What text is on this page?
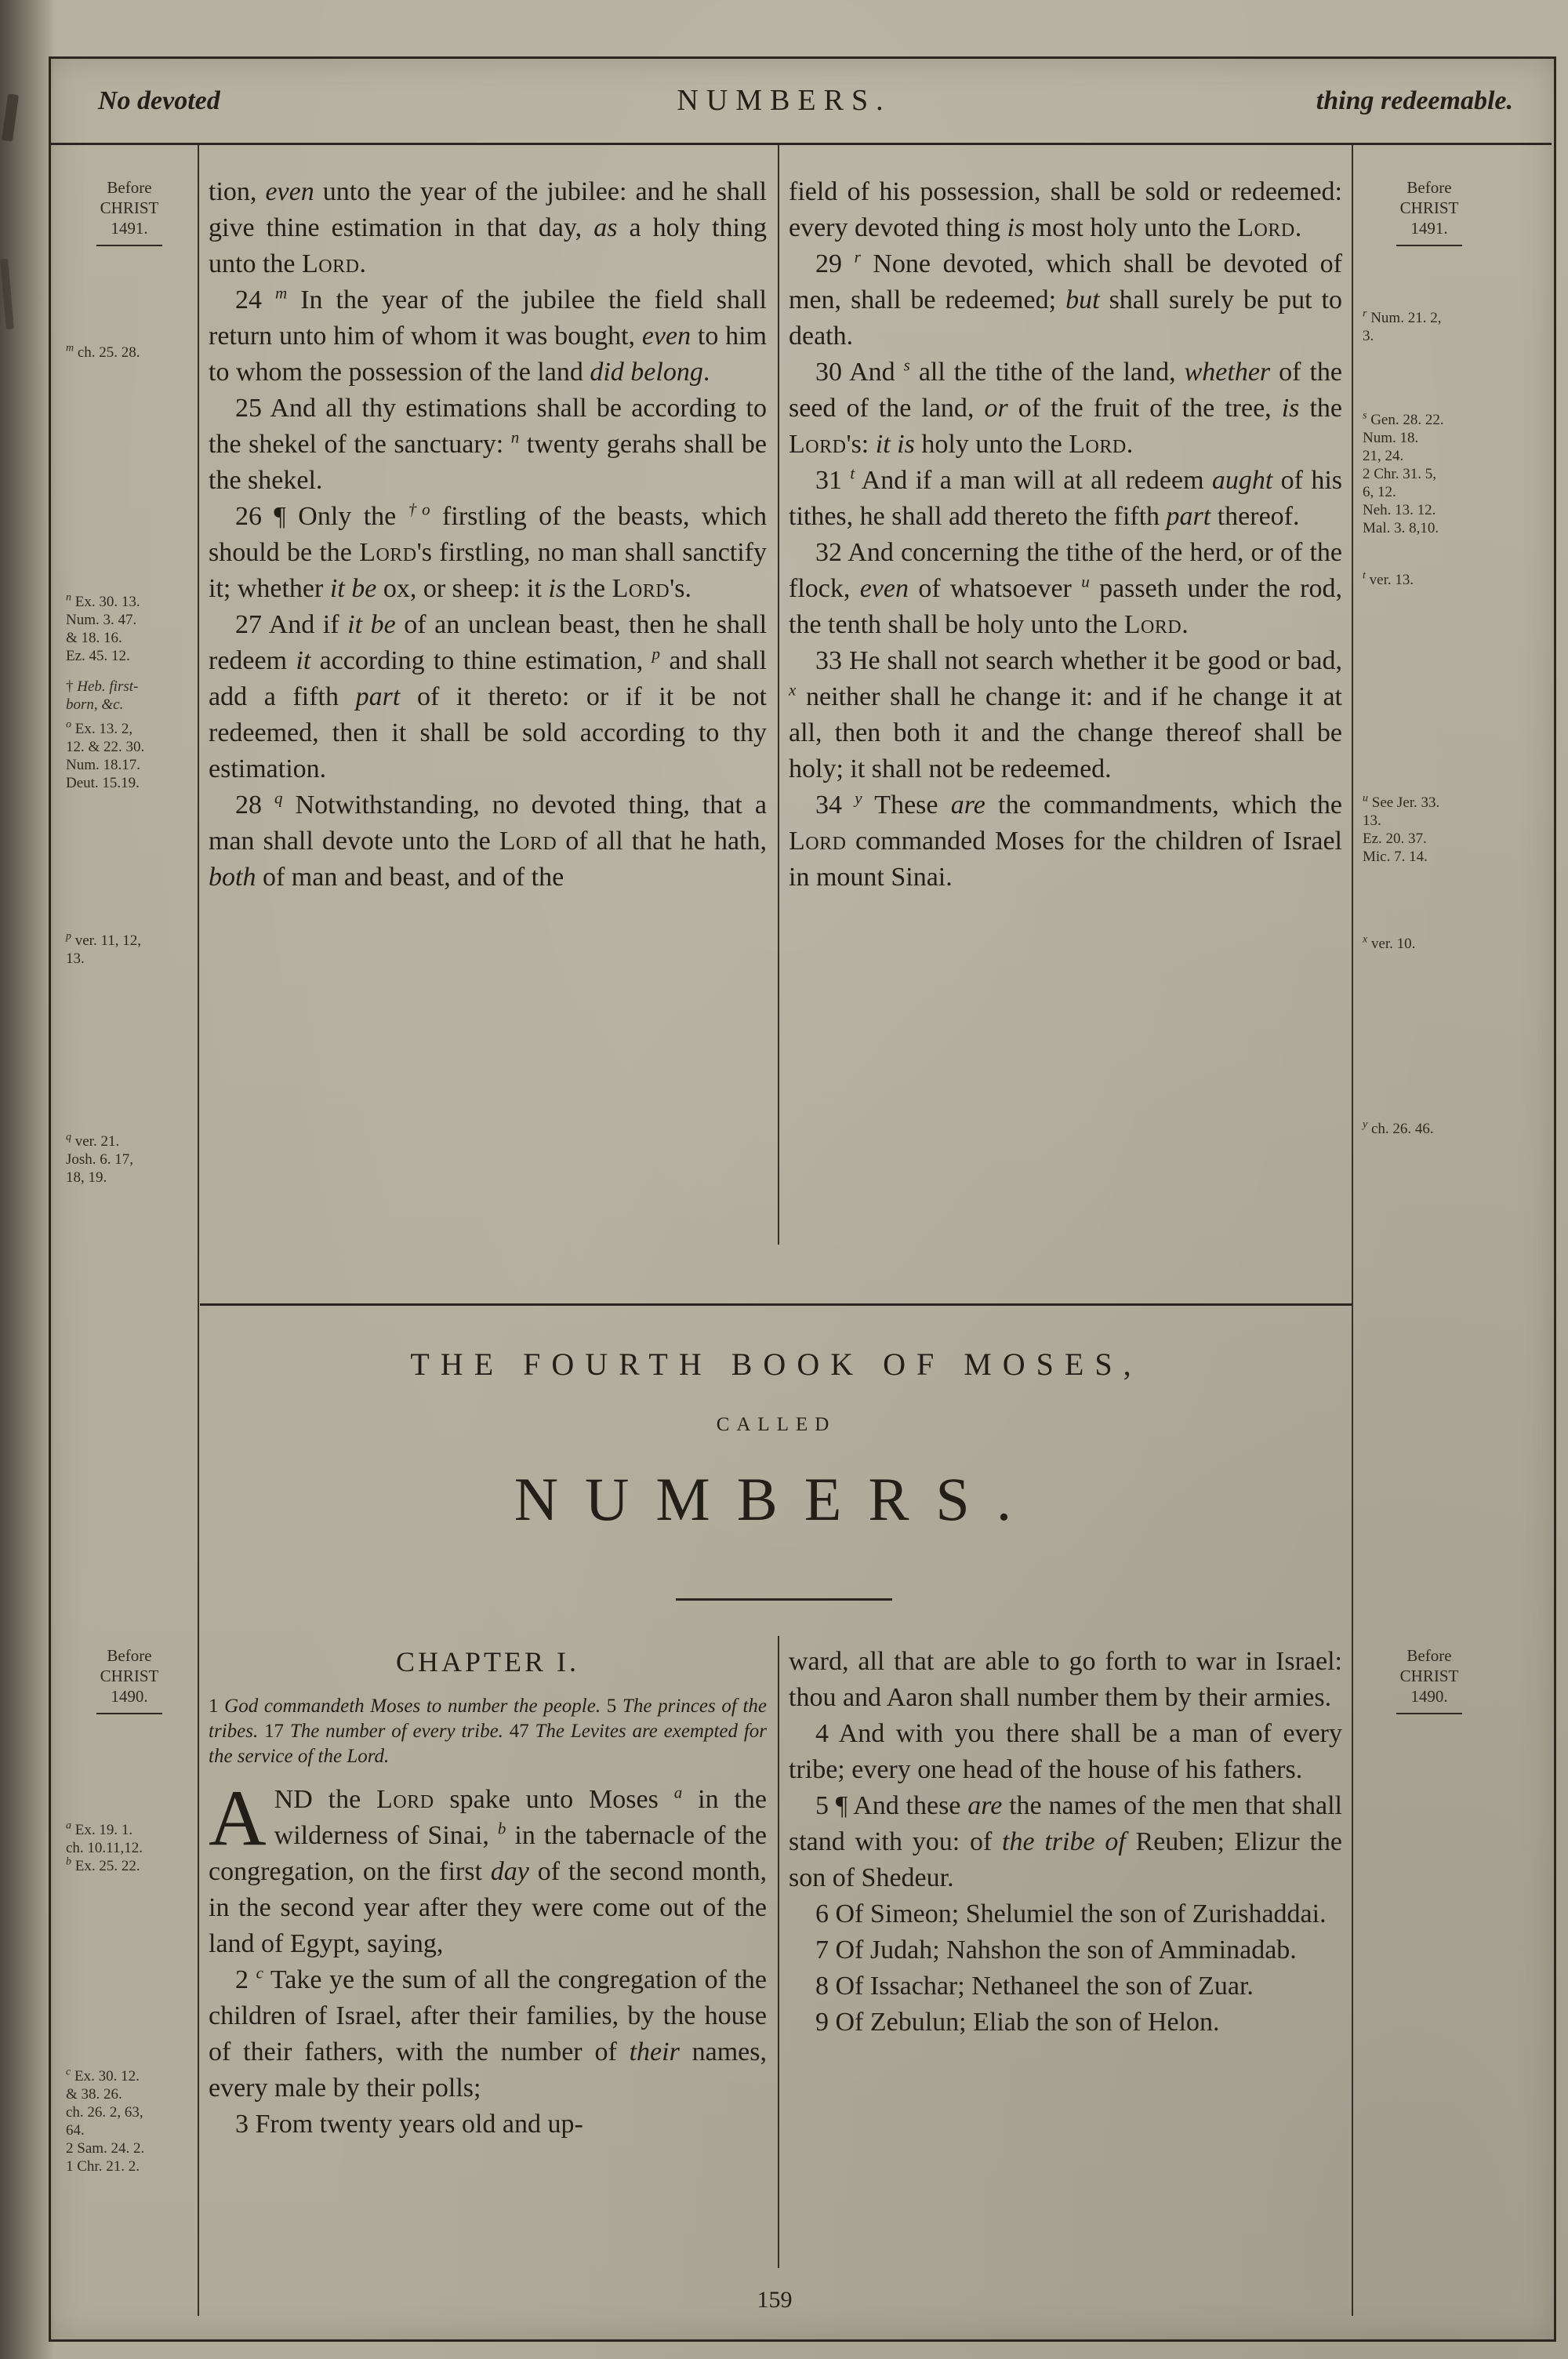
No devoted	NUMBERS.	thing redeemable.
Before
CHRIST
1491.
$^m$ ch. 25. 28.
$^n$ Ex. 30. 13.
Num. 3. 47.
& 18. 16.
Ez. 45. 12.
† Heb. first-
born, &c.
$^o$ Ex. 13. 2,
12. & 22. 30.
Num. 18.17.
Deut. 15.19.
$^p$ ver. 11, 12,
13.
$^q$ ver. 21.
Josh. 6. 17,
18, 19.
Before
CHRIST
1491.
$^r$ Num. 21. 2,
3.
$^s$ Gen. 28. 22.
Num. 18.
21, 24.
2 Chr. 31. 5,
6, 12.
Neh. 13. 12.
Mal. 3. 8,10.
$^t$ ver. 13.
$^u$ See Jer. 33.
13.
Ez. 20. 37.
Mic. 7. 14.
$^x$ ver. 10.
$^y$ ch. 26. 46.

tion, even unto the year of the jubilee: and he shall give thine estimation in that day, as a holy thing unto the Lord.

24 $^m$ In the year of the jubilee the field shall return unto him of whom it was bought, even to him to whom the possession of the land did belong.

25 And all thy estimations shall be according to the shekel of the sanctuary: $^n$ twenty gerahs shall be the shekel.

26 ¶ Only the $^{\dagger o}$ firstling of the beasts, which should be the Lord's firstling, no man shall sanctify it; whether it be ox, or sheep: it is the Lord's.

27 And if it be of an unclean beast, then he shall redeem it according to thine estimation, $^p$ and shall add a fifth part of it thereto: or if it be not redeemed, then it shall be sold according to thy estimation.

28 $^q$ Notwithstanding, no devoted thing, that a man shall devote unto the Lord of all that he hath, both of man and beast, and of the

field of his possession, shall be sold or redeemed: every devoted thing is most holy unto the Lord.

29 $^r$ None devoted, which shall be devoted of men, shall be redeemed; but shall surely be put to death.

30 And $^s$ all the tithe of the land, whether of the seed of the land, or of the fruit of the tree, is the Lord's: it is holy unto the Lord.

31 $^t$ And if a man will at all redeem aught of his tithes, he shall add thereto the fifth part thereof.

32 And concerning the tithe of the herd, or of the flock, even of whatsoever $^u$ passeth under the rod, the tenth shall be holy unto the Lord.

33 He shall not search whether it be good or bad, $^x$ neither shall he change it: and if he change it at all, then both it and the change thereof shall be holy; it shall not be redeemed.

34 $^y$ These are the commandments, which the Lord commanded Moses for the children of Israel in mount Sinai.

THE FOURTH BOOK OF MOSES,

CALLED

NUMBERS.

Before
CHRIST
1490.
$^a$ Ex. 19. 1.
ch. 10.11,12.
$^b$ Ex. 25. 22.
$^c$ Ex. 30. 12.
& 38. 26.
ch. 26. 2, 63,
64.
2 Sam. 24. 2.
1 Chr. 21. 2.
Before
CHRIST
1490.
CHAPTER I.

1 God commandeth Moses to number the people. 5 The princes of the tribes. 17 The number of every tribe. 47 The Levites are exempted for the service of the Lord.

AND the Lord spake unto Moses $^a$ in the wilderness of Sinai, $^b$ in the tabernacle of the congregation, on the first day of the second month, in the second year after they were come out of the land of Egypt, saying,

2 $^c$ Take ye the sum of all the congregation of the children of Israel, after their families, by the house of their fathers, with the number of their names, every male by their polls;

3 From twenty years old and up-

ward, all that are able to go forth to war in Israel: thou and Aaron shall number them by their armies.

4 And with you there shall be a man of every tribe; every one head of the house of his fathers.

5 ¶ And these are the names of the men that shall stand with you: of the tribe of Reuben; Elizur the son of Shedeur.

6 Of Simeon; Shelumiel the son of Zurishaddai.

7 Of Judah; Nahshon the son of Amminadab.

8 Of Issachar; Nethaneel the son of Zuar.

9 Of Zebulun; Eliab the son of Helon.

159
